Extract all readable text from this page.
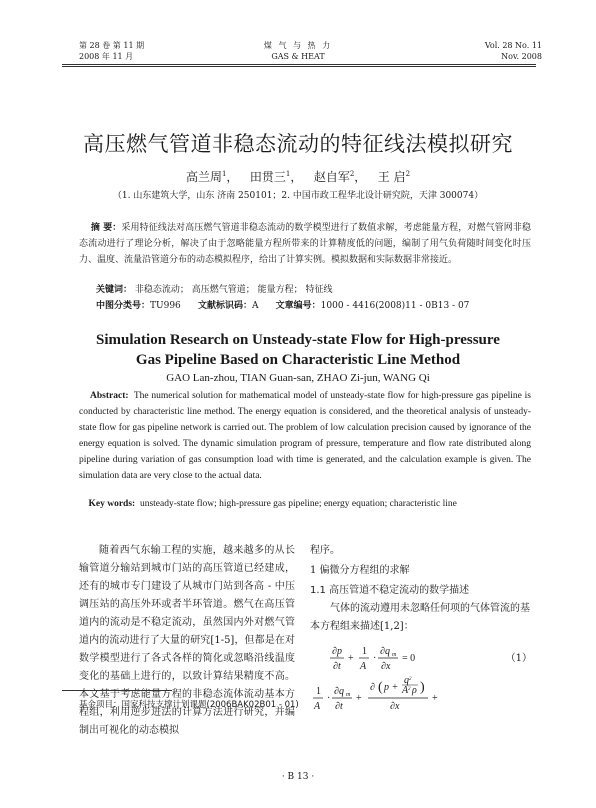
第 28 卷 第 11 期
2008 年 11 月
煤 气 与 热 力
GAS & HEAT
Vol. 28 No. 11
Nov. 2008
高压燃气管道非稳态流动的特征线法模拟研究
高兰周$^1$，   田贯三$^1$，   赵自军$^2$，   王 启$^2$
（1. 山东建筑大学，山东 济南 250101；2. 中国市政工程华北设计研究院，天津 300074）
摘 要：采用特征线法对高压燃气管道非稳态流动的数学模型进行了数值求解，考虑能量方程，对燃气管网非稳态流动进行了理论分析，解决了由于忽略能量方程所带来的计算精度低的问题，编制了用气负荷随时间变化时压力、温度、流量沿管道分布的动态模拟程序，给出了计算实例。模拟数据和实际数据非常接近。
关键词： 非稳态流动； 高压燃气管道； 能量方程； 特征线
中图分类号：TU996 文献标识码：A 文章编号：1000 - 4416(2008)11 - 0B13 - 07
Simulation Research on Unsteady-state Flow for High-pressure
Gas Pipeline Based on Characteristic Line Method
GAO Lan-zhou, TIAN Guan-san, ZHAO Zi-jun, WANG Qi
Abstract: The numerical solution for mathematical model of unsteady-state flow for high-pressure gas pipeline is conducted by characteristic line method. The energy equation is considered, and the theoretical analysis of unsteady-state flow for gas pipeline network is carried out. The problem of low calculation precision caused by ignorance of the energy equation is solved. The dynamic simulation program of pressure, temperature and flow rate distributed along pipeline during variation of gas consumption load with time is generated, and the calculation example is given. The simulation data are very close to the actual data.
Key words: unsteady-state flow; high-pressure gas pipeline; energy equation; characteristic line
随着西气东输工程的实施，越来越多的从长输管道分输站到城市门站的高压管道已经建成，还有的城市专门建设了从城市门站到各高 - 中压调压站的高压外环或者半环管道。燃气在高压管道内的流动是不稳定流动，虽然国内外对燃气管道内的流动进行了大量的研究[1-5]，但都是在对数学模型进行了各式各样的简化或忽略沿线温度变化的基础上进行的，以致计算结果精度不高。本文基于考虑能量方程的非稳态流体流动基本方程组，利用逆步进法的计算方法进行研究，并编制出可视化的动态模拟
程序。
1 偏微分方程组的求解
1.1 高压管道不稳定流动的数学描述
气体的流动遵用未忽略任何项的气体管流的基本方程组来描述[1,2]：
∂p
∂t
+
1
A
·
∂q m
∂x
= 0	（1）
1
A
·
∂q m
∂t
+
∂ ( p +
q 2
A 2 ρ )
∂x
+
基金项目：国家科技支撑计划课题(2006BAK02B01 - 01)
· B 13 ·
